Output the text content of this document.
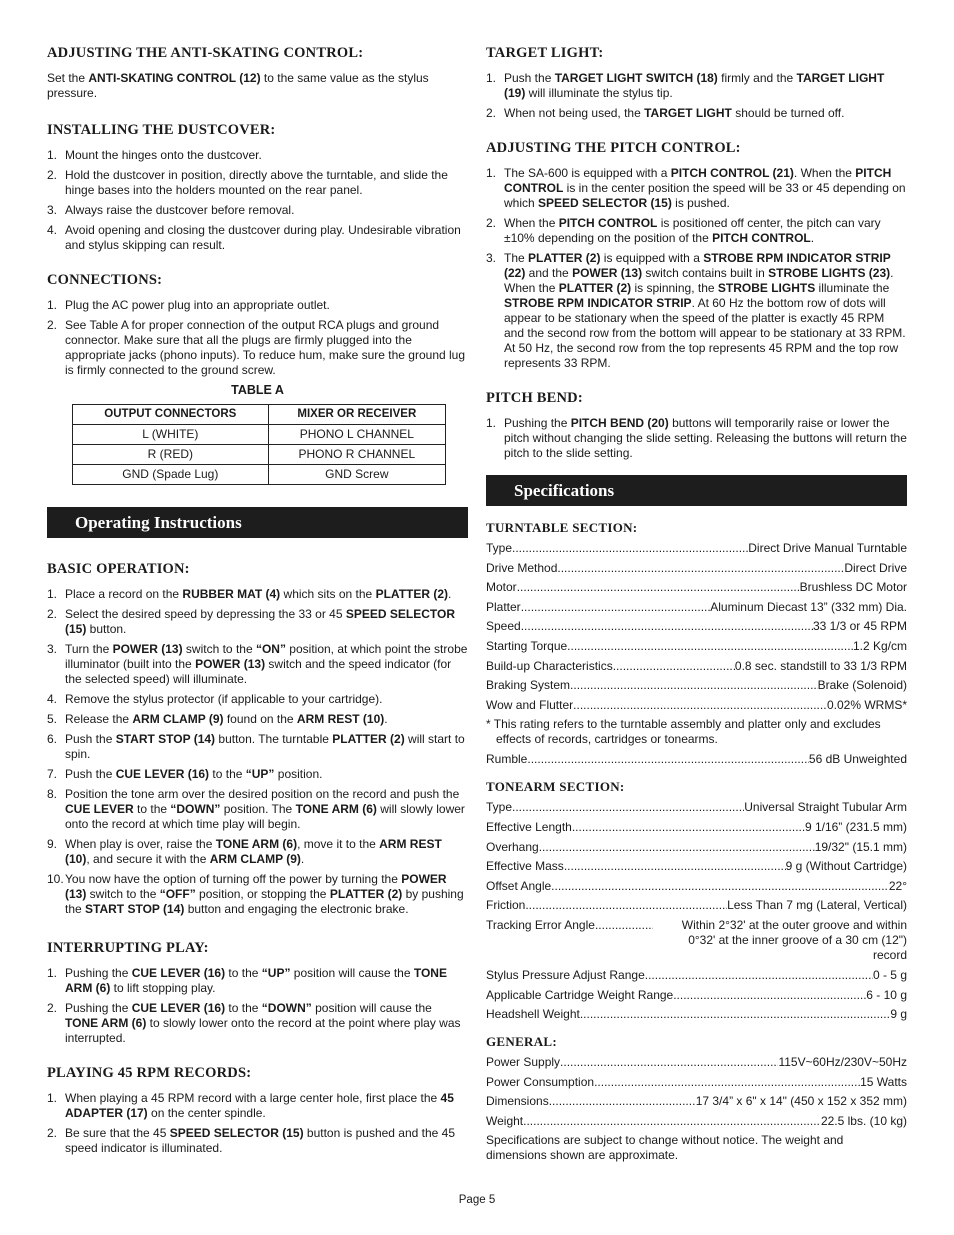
ADJUSTING THE ANTI-SKATING CONTROL:

Set the ANTI-SKATING CONTROL (12) to the same value as the stylus pressure.

INSTALLING THE DUSTCOVER:
1. Mount the hinges onto the dustcover.
2. Hold the dustcover in position, directly above the turntable, and slide the hinge bases into the holders mounted on the rear panel.
3. Always raise the dustcover before removal.
4. Avoid opening and closing the dustcover during play. Undesirable vibration and stylus skipping can result.
CONNECTIONS:
1. Plug the AC power plug into an appropriate outlet.
2. See Table A for proper connection of the output RCA plugs and ground connector. Make sure that all the plugs are firmly plugged into the appropriate jacks (phono inputs). To reduce hum, make sure the ground lug is firmly connected to the ground screw.
TABLE A
OUTPUT CONNECTORS	MIXER OR RECEIVER
L (WHITE)	PHONO L CHANNEL
R (RED)	PHONO R CHANNEL
GND (Spade Lug)	GND Screw
Operating Instructions
BASIC OPERATION:
1. Place a record on the RUBBER MAT (4) which sits on the PLATTER (2).
2. Select the desired speed by depressing the 33 or 45 SPEED SELECTOR (15) button.
3. Turn the POWER (13) switch to the “ON” position, at which point the strobe illuminator (built into the POWER (13) switch and the speed indicator (for the selected speed) will illuminate.
4. Remove the stylus protector (if applicable to your cartridge).
5. Release the ARM CLAMP (9) found on the ARM REST (10).
6. Push the START STOP (14) button. The turntable PLATTER (2) will start to spin.
7. Push the CUE LEVER (16) to the “UP” position.
8. Position the tone arm over the desired position on the record and push the CUE LEVER to the “DOWN” position. The TONE ARM (6) will slowly lower onto the record at which time play will begin.
9. When play is over, raise the TONE ARM (6), move it to the ARM REST (10), and secure it with the ARM CLAMP (9).
10. You now have the option of turning off the power by turning the POWER (13) switch to the “OFF” position, or stopping the PLATTER (2) by pushing the START STOP (14) button and engaging the electronic brake.
INTERRUPTING PLAY:
1. Pushing the CUE LEVER (16) to the “UP” position will cause the TONE ARM (6) to lift stopping play.
2. Pushing the CUE LEVER (16) to the “DOWN” position will cause the TONE ARM (6) to slowly lower onto the record at the point where play was interrupted.
PLAYING 45 RPM RECORDS:
1. When playing a 45 RPM record with a large center hole, first place the 45 ADAPTER (17) on the center spindle.
2. Be sure that the 45 SPEED SELECTOR (15) button is pushed and the 45 speed indicator is illuminated.
TARGET LIGHT:
1. Push the TARGET LIGHT SWITCH (18) firmly and the TARGET LIGHT (19) will illuminate the stylus tip.
2. When not being used, the TARGET LIGHT should be turned off.
ADJUSTING THE PITCH CONTROL:
1. The SA-600 is equipped with a PITCH CONTROL (21). When the PITCH CONTROL is in the center position the speed will be 33 or 45 depending on which SPEED SELECTOR (15) is pushed.
2. When the PITCH CONTROL is positioned off center, the pitch can vary ±10% depending on the position of the PITCH CONTROL.
3. The PLATTER (2) is equipped with a STROBE RPM INDICATOR STRIP (22) and the POWER (13) switch contains built in STROBE LIGHTS (23). When the PLATTER (2) is spinning, the STROBE LIGHTS illuminate the STROBE RPM INDICATOR STRIP. At 60 Hz the bottom row of dots will appear to be stationary when the speed of the platter is exactly 45 RPM and the second row from the bottom will appear to be stationary at 33 RPM. At 50 Hz, the second row from the top represents 45 RPM and the top row represents 33 RPM.
PITCH BEND:
1. Pushing the PITCH BEND (20) buttons will temporarily raise or lower the pitch without changing the slide setting. Releasing the buttons will return the pitch to the slide setting.
Specifications
TURNTABLE SECTION:
Type .....	Direct Drive Manual Turntable
Drive Method .....	Direct Drive
Motor .....	Brushless DC Motor
Platter .....	Aluminum Diecast 13” (332 mm) Dia.
Speed .....	33 1/3 or 45 RPM
Starting Torque .....	1.2 Kg/cm
Build-up Characteristics .....	0.8 sec. standstill to 33 1/3 RPM
Braking System .....	Brake (Solenoid)
Wow and Flutter .....	0.02% WRMS*
* This rating refers to the turntable assembly and platter only and excludes effects of records, cartridges or tonearms.
Rumble .....	56 dB Unweighted
TONEARM SECTION:
Type .....	Universal Straight Tubular Arm
Effective Length .....	9 1/16” (231.5 mm)
Overhang .....	19/32" (15.1 mm)
Effective Mass .....	9 g (Without Cartridge)
Offset Angle .....	22°
Friction .....	Less Than 7 mg (Lateral, Vertical)
Tracking Error Angle .....	Within 2°32' at the outer groove and within
0°32' at the inner groove of a 30 cm (12") record
Stylus Pressure Adjust Range .....	0 - 5 g
Applicable Cartridge Weight Range .....	6 - 10 g
Headshell Weight .....	9 g
GENERAL:
Power Supply .....	115V~60Hz/230V~50Hz
Power Consumption .....	15 Watts
Dimensions .....	17 3/4” x 6" x 14" (450 x 152 x 352 mm)
Weight .....	22.5 lbs. (10 kg)

Specifications are subject to change without notice. The weight and dimensions shown are approximate.

Page 5
